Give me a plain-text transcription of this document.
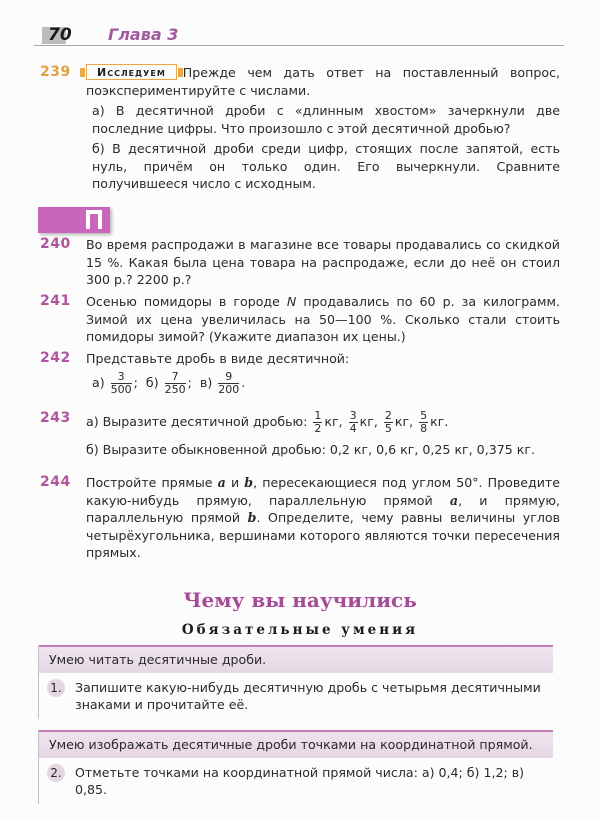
70 Глава 3
239	Исследуем Прежде чем дать ответ на поставленный вопрос, поэкспериментируйте с числами.

а) В десятичной дроби с «длинным хвостом» зачеркнули две последние цифры. Что произошло с этой десятичной дробью?

б) В десятичной дроби среди цифр, стоящих после запятой, есть нуль, причём он только один. Его вычеркнули. Сравните получившееся число с исходным.

240 Во время распродажи в магазине все товары продавались со скидкой 15 %. Какая была цена товара на распродаже, если до неё он стоил 300 р.? 2200 р.?

241 Осенью помидоры в городе N продавались по 60 р. за килограмм. Зимой их цена увеличилась на 50—100 %. Сколько стали стоить помидоры зимой? (Укажите диапазон их цены.)

242 Представьте дробь в виде десятичной:

$а) \frac{3}{500}$ ; $б) \frac{7}{250}$ ; $в) \frac{9}{200}$ .

243 а) Выразите десятичной дробью: $\frac{1}{2}$ кг, $\frac{3}{4}$ кг, $\frac{2}{5}$ кг, $\frac{5}{8}$ кг.

б) Выразите обыкновенной дробью: 0,2 кг, 0,6 кг, 0,25 кг, 0,375 кг.

244 Постройте прямые a и b, пересекающиеся под углом 50°. Проведите какую-нибудь прямую, параллельную прямой a, и прямую, параллельную прямой b. Определите, чему равны величины углов четырёхугольника, вершинами которого являются точки пересечения прямых.

Чему вы научились
Обязательные умения
Умею читать десятичные дроби.
1. Запишите какую-нибудь десятичную дробь с четырьмя десятичными знаками и прочитайте её.
Умею изображать десятичные дроби точками на координатной прямой.
2. Отметьте точками на координатной прямой числа: а) 0,4; б) 1,2; в) 0,85.
